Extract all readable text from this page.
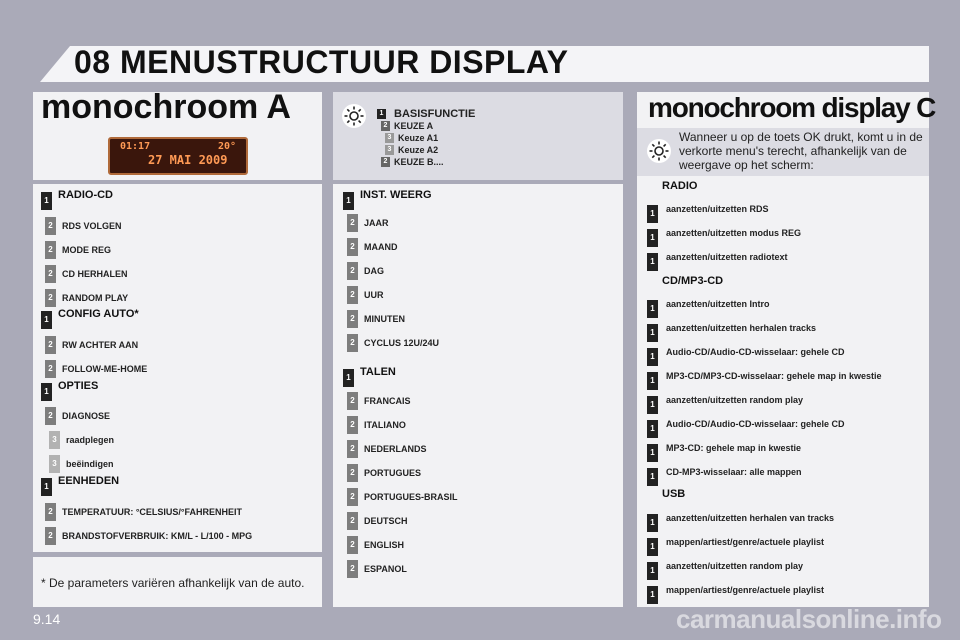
08 MENUSTRUCTUUR DISPLAY
monochroom A
01:17	20°
27 MAI 2009
1 RADIO-CD
2	RDS VOLGEN
2	MODE REG
2	CD HERHALEN
2	RANDOM PLAY
1 CONFIG AUTO*
2	RW ACHTER AAN
2	FOLLOW-ME-HOME
1 OPTIES
2	DIAGNOSE
3	raadplegen
3	beëindigen
1 EENHEDEN
2	TEMPERATUUR: °CELSIUS/°FAHRENHEIT
2	BRANDSTOFVERBRUIK: KM/L - L/100 - MPG
* De parameters variëren afhankelijk van de auto.
1 BASISFUNCTIE
2 KEUZE A
3 Keuze A1
3 Keuze A2
2 KEUZE B....
1 INST. WEERG
2	JAAR
2	MAAND
2	DAG
2	UUR
2	MINUTEN
2	CYCLUS 12U/24U
1 TALEN
2	FRANCAIS
2	ITALIANO
2	NEDERLANDS
2	PORTUGUES
2	PORTUGUES-BRASIL
2	DEUTSCH
2	ENGLISH
2	ESPANOL
monochroom display C
Wanneer u op de toets OK drukt, komt u in de verkorte menu's terecht, afhankelijk van de weergave op het scherm:
RADIO
1	aanzetten/uitzetten RDS
1	aanzetten/uitzetten modus REG
1	aanzetten/uitzetten radiotext
CD/MP3-CD
1	aanzetten/uitzetten Intro
1	aanzetten/uitzetten herhalen tracks
1	Audio-CD/Audio-CD-wisselaar: gehele CD
1	MP3-CD/MP3-CD-wisselaar: gehele map in kwestie
1	aanzetten/uitzetten random play
1	Audio-CD/Audio-CD-wisselaar: gehele CD
1	MP3-CD: gehele map in kwestie
1	CD-MP3-wisselaar: alle mappen
USB
1	aanzetten/uitzetten herhalen van tracks
1	mappen/artiest/genre/actuele playlist
1	aanzetten/uitzetten random play
1	mappen/artiest/genre/actuele playlist
9.14	carmanualsonline.info
